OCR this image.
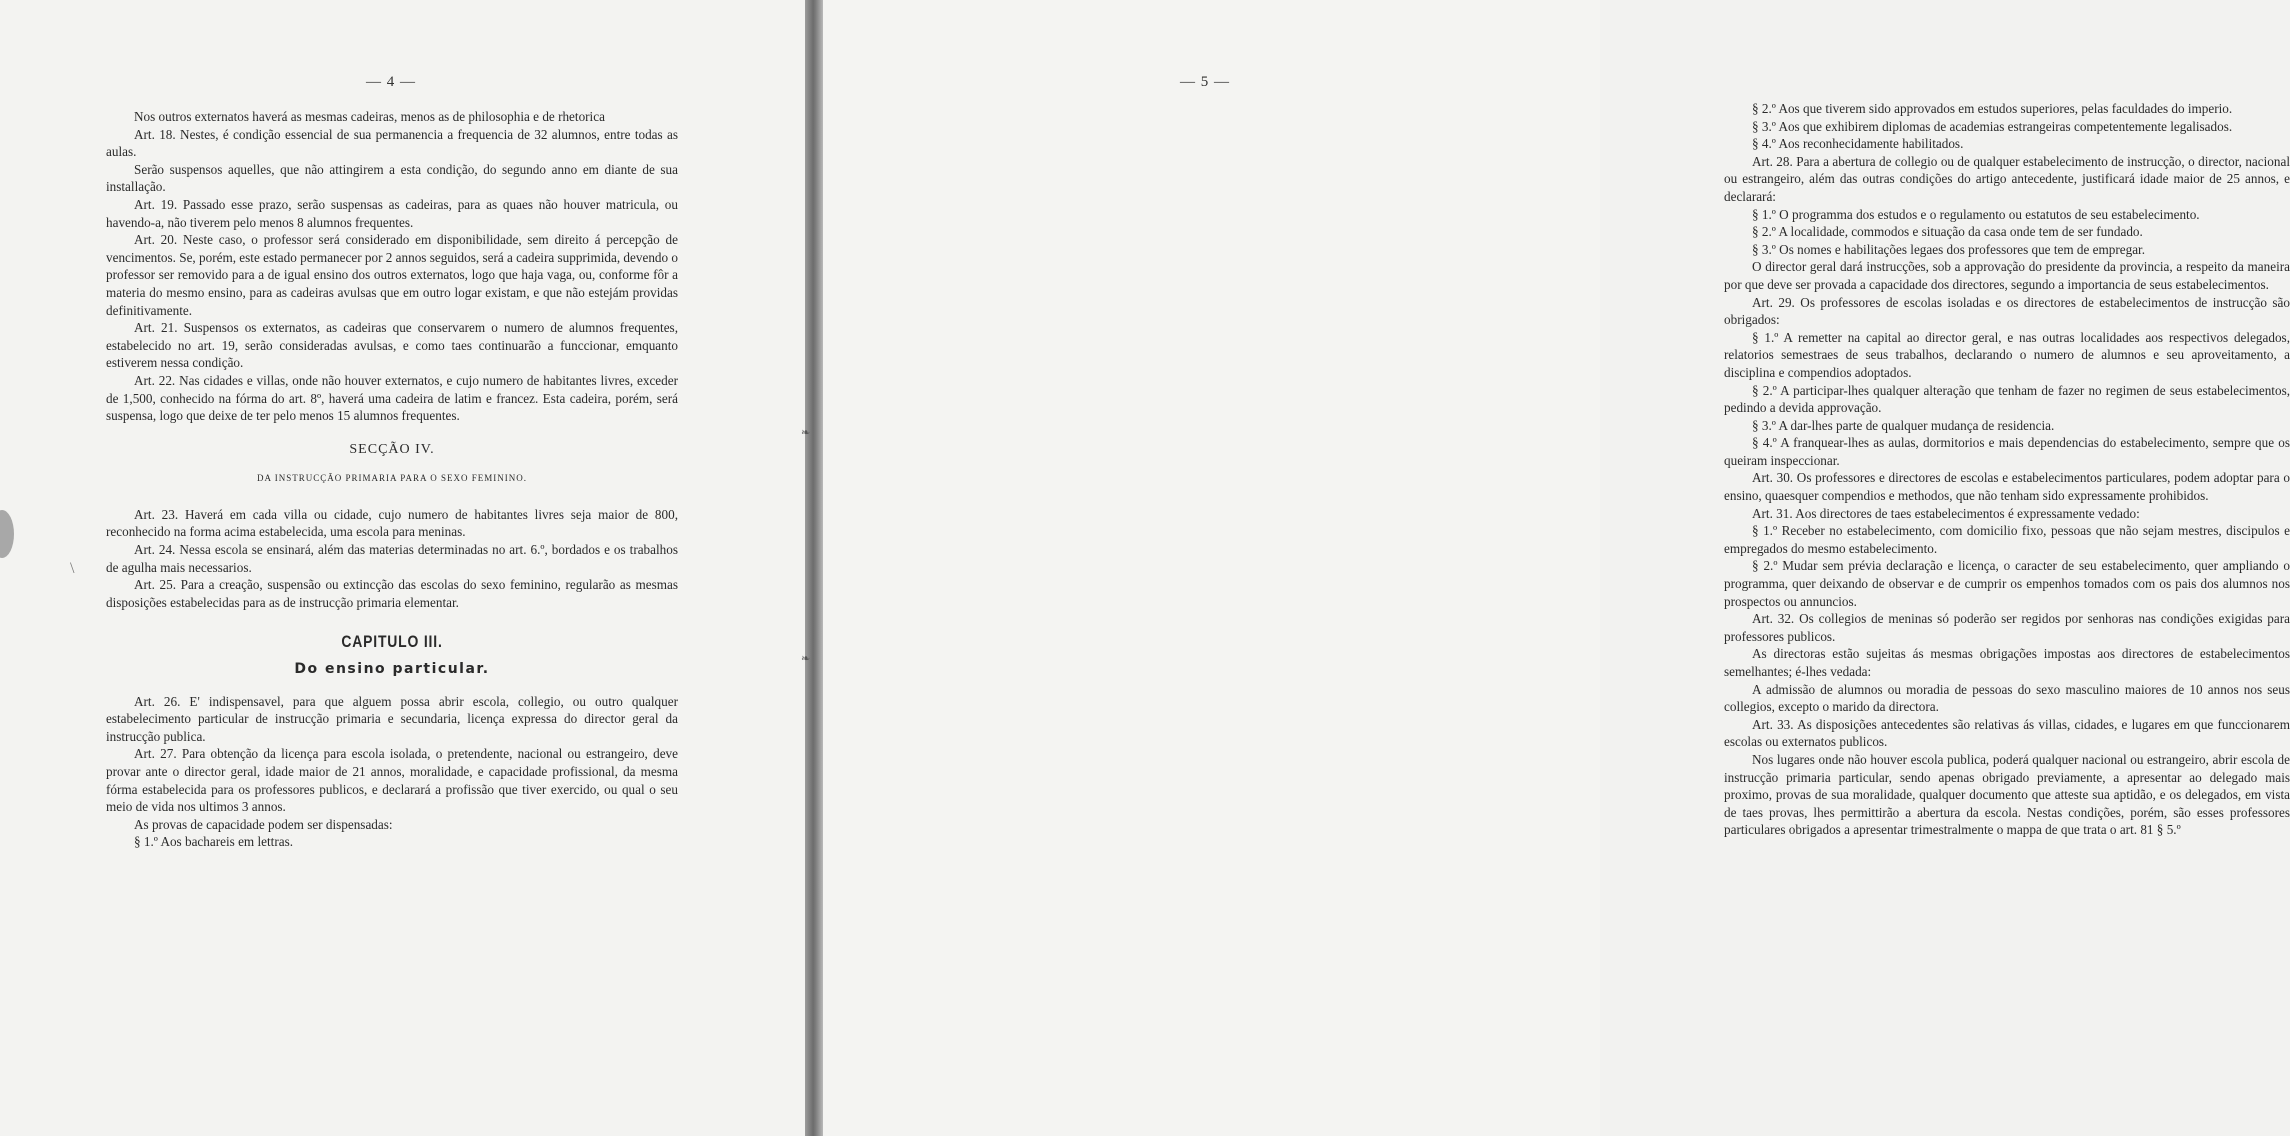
\
— 4 —

Nos outros externatos haverá as mesmas cadeiras, menos as de philosophia e de rhetorica

Art. 18. Nestes, é condição essencial de sua permanencia a frequencia de 32 alumnos, entre todas as aulas.

Serão suspensos aquelles, que não attingirem a esta condição, do segundo anno em diante de sua installação.

Art. 19. Passado esse prazo, serão suspensas as cadeiras, para as quaes não houver matricula, ou havendo-a, não tiverem pelo menos 8 alumnos frequentes.

Art. 20. Neste caso, o professor será considerado em disponibilidade, sem direito á percepção de vencimentos. Se, porém, este estado permanecer por 2 annos seguidos, será a cadeira supprimida, devendo o professor ser removido para a de igual ensino dos outros externatos, logo que haja vaga, ou, conforme fôr a materia do mesmo ensino, para as cadeiras avulsas que em outro logar existam, e que não estejám providas definitivamente.

Art. 21. Suspensos os externatos, as cadeiras que conservarem o numero de alumnos frequentes, estabelecido no art. 19, serão consideradas avulsas, e como taes continuarão a funccionar, emquanto estiverem nessa condição.

Art. 22. Nas cidades e villas, onde não houver externatos, e cujo numero de habitantes livres, exceder de 1,500, conhecido na fórma do art. 8º, haverá uma cadeira de latim e francez. Esta cadeira, porém, será suspensa, logo que deixe de ter pelo menos 15 alumnos frequentes.

SECÇÃO IV.

DA INSTRUCÇÃO PRIMARIA PARA O SEXO FEMININO.

Art. 23. Haverá em cada villa ou cidade, cujo numero de habitantes livres seja maior de 800, reconhecido na forma acima estabelecida, uma escola para meninas.

Art. 24. Nessa escola se ensinará, além das materias determinadas no art. 6.º, bordados e os trabalhos de agulha mais necessarios.

Art. 25. Para a creação, suspensão ou extincção das escolas do sexo feminino, regularão as mesmas disposições estabelecidas para as de instrucção primaria elementar.

CAPITULO III.

Do ensino particular.

Art. 26. E' indispensavel, para que alguem possa abrir escola, collegio, ou outro qualquer estabelecimento particular de instrucção primaria e secundaria, licença expressa do director geral da instrucção publica.

Art. 27. Para obtenção da licença para escola isolada, o pretendente, nacional ou estrangeiro, deve provar ante o director geral, idade maior de 21 annos, moralidade, e capacidade profissional, da mesma fórma estabelecida para os professores publicos, e declarará a profissão que tiver exercido, ou qual o seu meio de vida nos ultimos 3 annos.

As provas de capacidade podem ser dispensadas:

§ 1.º Aos bachareis em lettras.

❧
❧
— 5 —

§ 2.º Aos que tiverem sido approvados em estudos superiores, pelas faculdades do imperio.

§ 3.º Aos que exhibirem diplomas de academias estrangeiras competentemente legalisados.

§ 4.º Aos reconhecidamente habilitados.

Art. 28. Para a abertura de collegio ou de qualquer estabelecimento de instrucção, o director, nacional ou estrangeiro, além das outras condições do artigo antecedente, justificará idade maior de 25 annos, e declarará:

§ 1.º O programma dos estudos e o regulamento ou estatutos de seu estabelecimento.

§ 2.º A localidade, commodos e situação da casa onde tem de ser fundado.

§ 3.º Os nomes e habilitações legaes dos professores que tem de empregar.

O director geral dará instrucções, sob a approvação do presidente da provincia, a respeito da maneira por que deve ser provada a capacidade dos directores, segundo a importancia de seus estabelecimentos.

Art. 29. Os professores de escolas isoladas e os directores de estabelecimentos de instrucção são obrigados:

§ 1.º A remetter na capital ao director geral, e nas outras localidades aos respectivos delegados, relatorios semestraes de seus trabalhos, declarando o numero de alumnos e seu aproveitamento, a disciplina e compendios adoptados.

§ 2.º A participar-lhes qualquer alteração que tenham de fazer no regimen de seus estabelecimentos, pedindo a devida approvação.

§ 3.º A dar-lhes parte de qualquer mudança de residencia.

§ 4.º A franquear-lhes as aulas, dormitorios e mais dependencias do estabelecimento, sempre que os queiram inspeccionar.

Art. 30. Os professores e directores de escolas e estabelecimentos particulares, podem adoptar para o ensino, quaesquer compendios e methodos, que não tenham sido expressamente prohibidos.

Art. 31. Aos directores de taes estabelecimentos é expressamente vedado:

§ 1.º Receber no estabelecimento, com domicilio fixo, pessoas que não sejam mestres, discipulos e empregados do mesmo estabelecimento.

§ 2.º Mudar sem prévia declaração e licença, o caracter de seu estabelecimento, quer ampliando o programma, quer deixando de observar e de cumprir os empenhos tomados com os pais dos alumnos nos prospectos ou annuncios.

Art. 32. Os collegios de meninas só poderão ser regidos por senhoras nas condições exigidas para professores publicos.

As directoras estão sujeitas ás mesmas obrigações impostas aos directores de estabelecimentos semelhantes; é-lhes vedada:

A admissão de alumnos ou moradia de pessoas do sexo masculino maiores de 10 annos nos seus collegios, excepto o marido da directora.

Art. 33. As disposições antecedentes são relativas ás villas, cidades, e lugares em que funccionarem escolas ou externatos publicos.

Nos lugares onde não houver escola publica, poderá qualquer nacional ou estrangeiro, abrir escola de instrucção primaria particular, sendo apenas obrigado previamente, a apresentar ao delegado mais proximo, provas de sua moralidade, qualquer documento que atteste sua aptidão, e os delegados, em vista de taes provas, lhes permittirão a abertura da escola. Nestas condições, porém, são esses professores particulares obrigados a apresentar trimestralmente o mappa de que trata o art. 81 § 5.º
